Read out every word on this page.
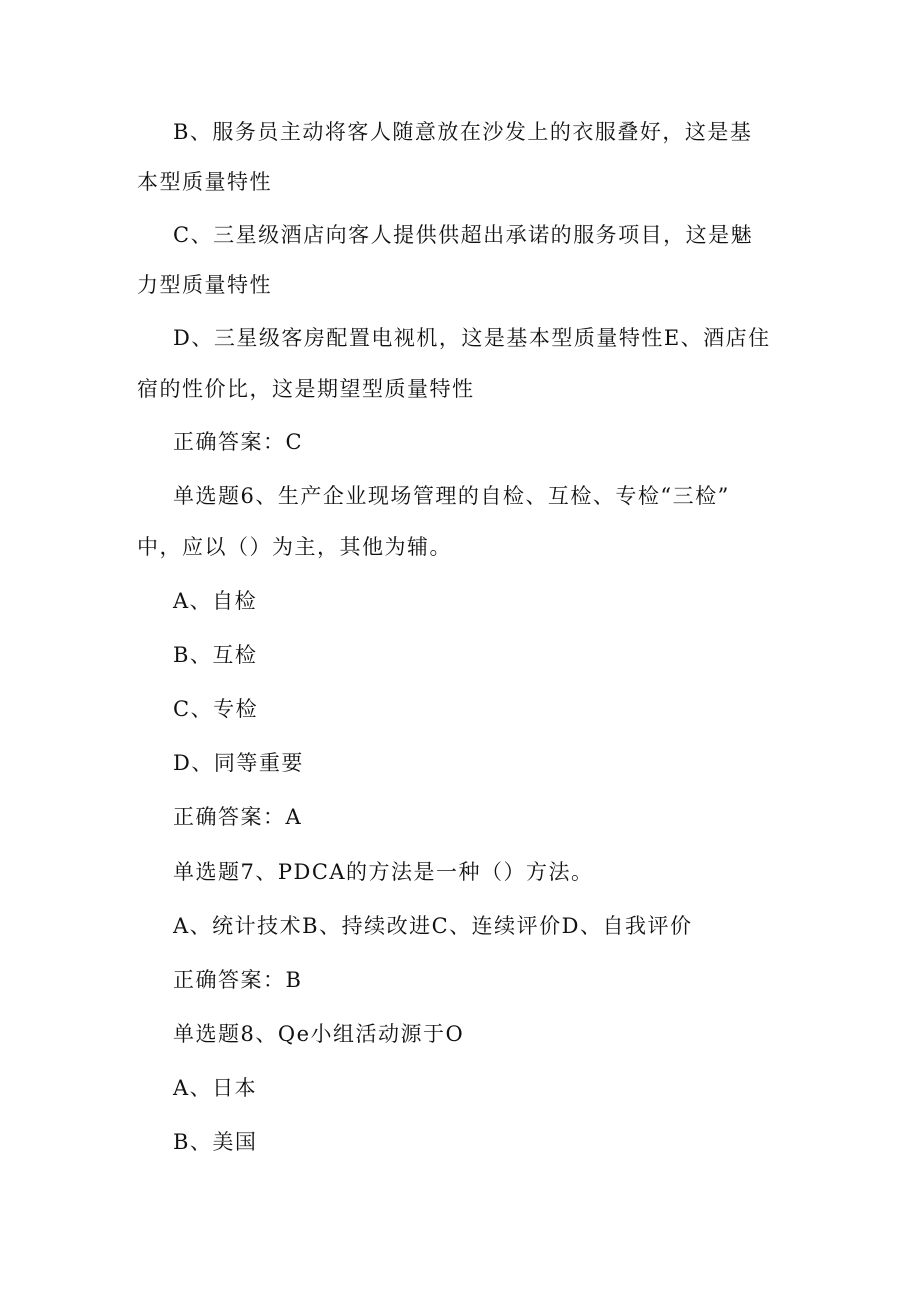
B、服务员主动将客人随意放在沙发上的衣服叠好，这是基
本型质量特性
C、三星级酒店向客人提供供超出承诺的服务项目，这是魅
力型质量特性
D、三星级客房配置电视机，这是基本型质量特性E、酒店住
宿的性价比，这是期望型质量特性
正确答案：C
单选题6、生产企业现场管理的自检、互检、专检“三检”
中，应以（）为主，其他为辅。
A、自检
B、互检
C、专检
D、同等重要
正确答案：A
单选题7、PDCA的方法是一种（）方法。
A、统计技术B、持续改进C、连续评价D、自我评价
正确答案：B
单选题8、Qe小组活动源于O
A、日本
B、美国
